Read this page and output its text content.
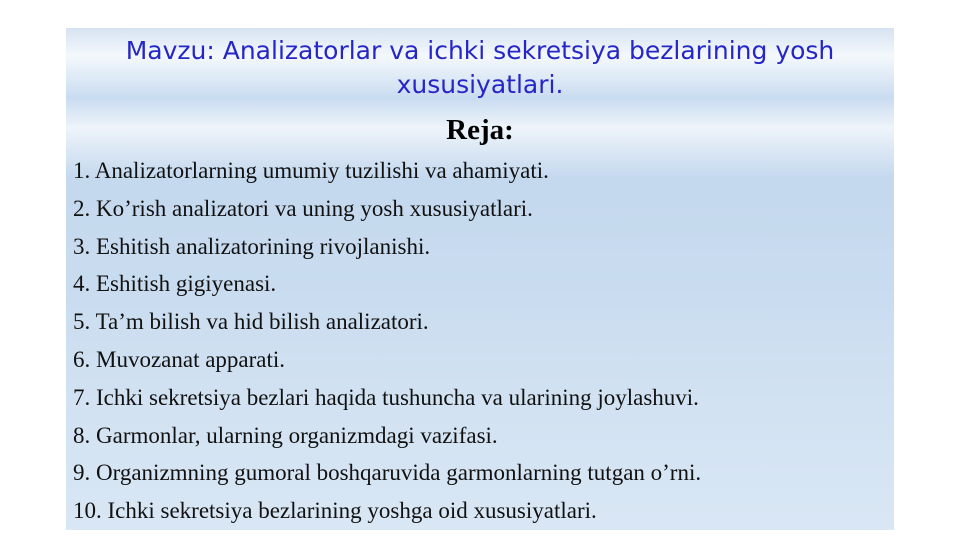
Mavzu: Analizatorlar va ichki sekretsiya bezlarining yosh xususiyatlari.
Reja:
1. Analizatorlarning umumiy tuzilishi va ahamiyati.
2. Ko’rish analizatori va uning yosh xususiyatlari.
3. Eshitish analizatorining rivojlanishi.
4. Eshitish gigiyenasi.
5. Ta’m bilish va hid bilish analizatori.
6. Muvozanat apparati.
7. Ichki sekretsiya bezlari haqida tushuncha va ularining joylashuvi.
8. Garmonlar, ularning organizmdagi vazifasi.
9. Organizmning gumoral boshqaruvida garmonlarning tutgan o’rni.
10. Ichki sekretsiya bezlarining yoshga oid xususiyatlari.
